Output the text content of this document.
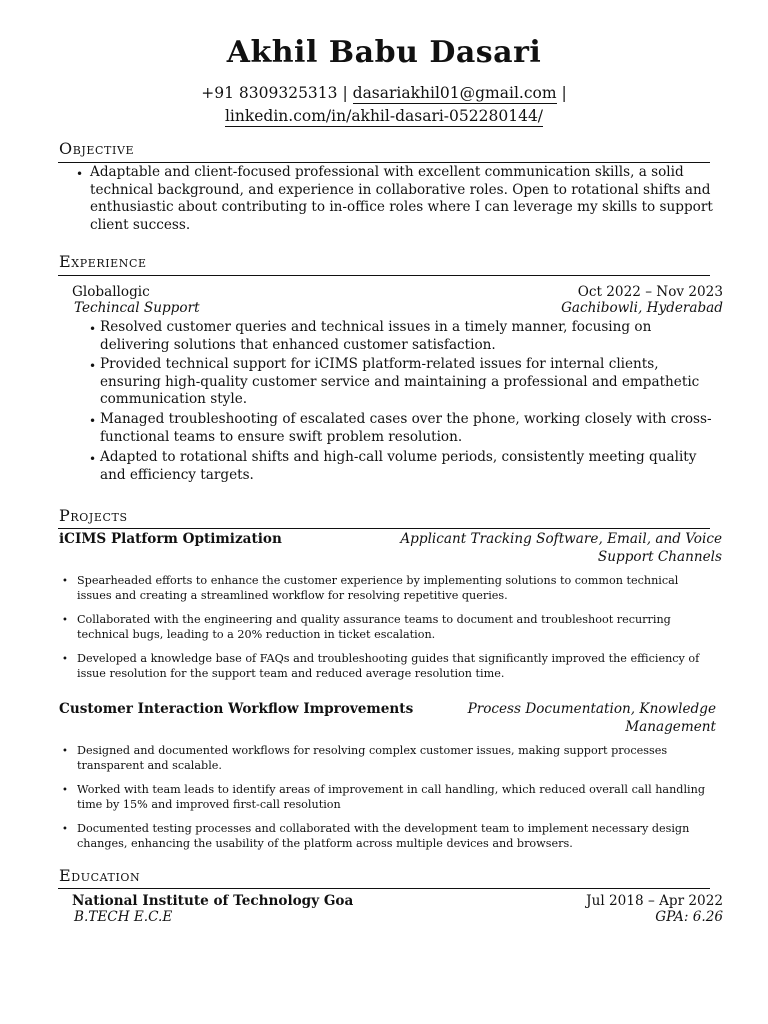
Akhil Babu Dasari
+91 8309325313 | dasariakhil01@gmail.com |
linkedin.com/in/akhil-dasari-052280144/
Objective
• Adaptable and client-focused professional with excellent communication skills, a solid technical background, and experience in collaborative roles. Open to rotational shifts and enthusiastic about contributing to in-office roles where I can leverage my skills to support client success.
Experience
Globallogic	Oct 2022 – Nov 2023
Techincal Support	Gachibowli, Hyderabad
• Resolved customer queries and technical issues in a timely manner, focusing on delivering solutions that enhanced customer satisfaction.
• Provided technical support for iCIMS platform-related issues for internal clients, ensuring high-quality customer service and maintaining a professional and empathetic communication style.
• Managed troubleshooting of escalated cases over the phone, working closely with cross-functional teams to ensure swift problem resolution.
• Adapted to rotational shifts and high-call volume periods, consistently meeting quality and efficiency targets.
Projects
iCIMS Platform Optimization	Applicant Tracking Software, Email, and Voice Support Channels
• Spearheaded efforts to enhance the customer experience by implementing solutions to common technical issues and creating a streamlined workflow for resolving repetitive queries.
• Collaborated with the engineering and quality assurance teams to document and troubleshoot recurring technical bugs, leading to a 20% reduction in ticket escalation.
• Developed a knowledge base of FAQs and troubleshooting guides that significantly improved the efficiency of issue resolution for the support team and reduced average resolution time.
Customer Interaction Workflow Improvements	Process Documentation, Knowledge Management
• Designed and documented workflows for resolving complex customer issues, making support processes transparent and scalable.
• Worked with team leads to identify areas of improvement in call handling, which reduced overall call handling time by 15% and improved first-call resolution
• Documented testing processes and collaborated with the development team to implement necessary design changes, enhancing the usability of the platform across multiple devices and browsers.
Education
National Institute of Technology Goa	Jul 2018 – Apr 2022
B.TECH E.C.E	GPA: 6.26
